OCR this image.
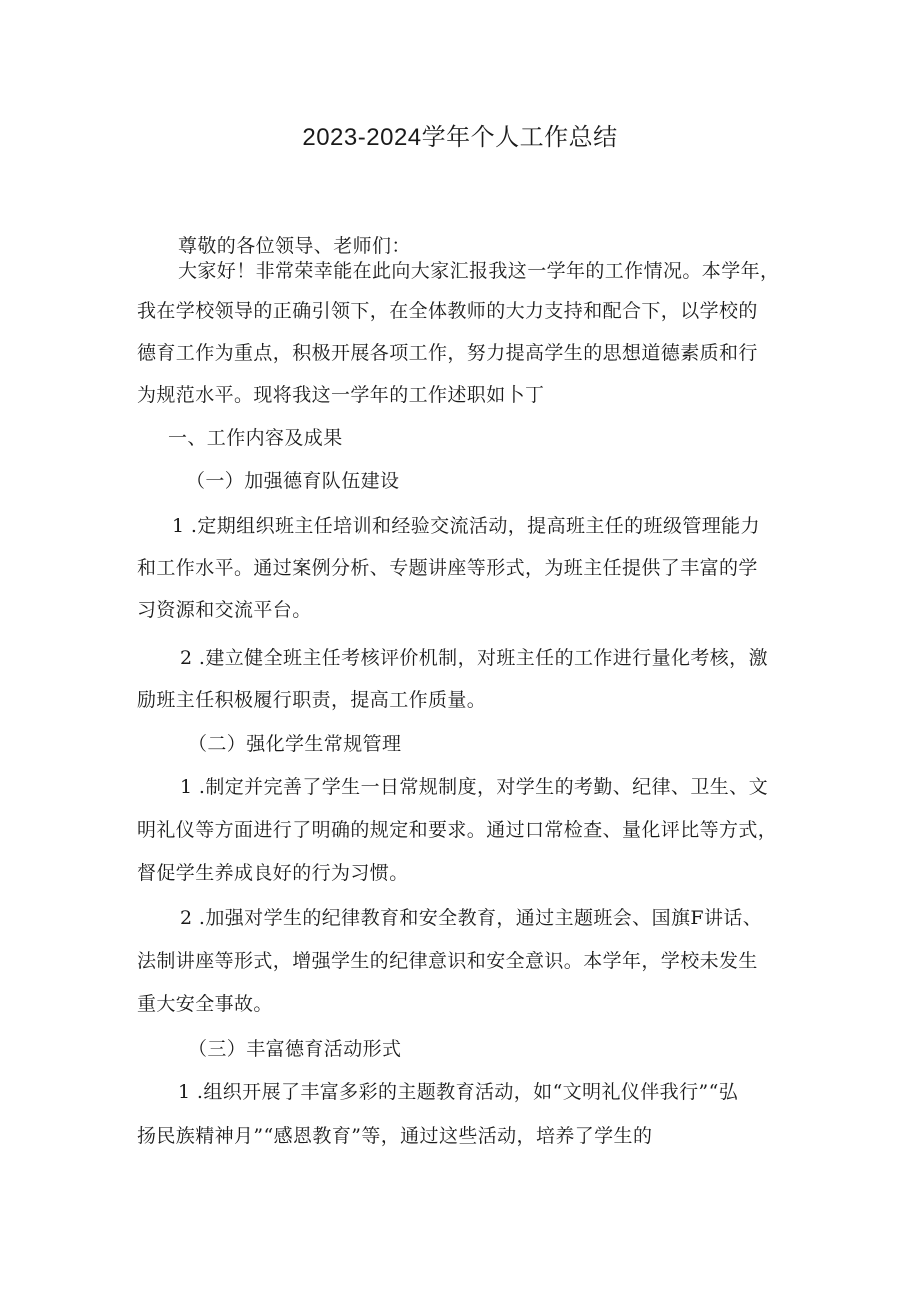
2023-2024学年个人工作总结
尊敬的各位领导、老师们：
大家好！非常荣幸能在此向大家汇报我这一学年的工作情况。本学年，
我在学校领导的正确引领下，在全体教师的大力支持和配合下，以学校的
德育工作为重点，积极开展各项工作，努力提高学生的思想道德素质和行
为规范水平。现将我这一学年的工作述职如卜丁
一、工作内容及成果
（一）加强德育队伍建设
1 .定期组织班主任培训和经验交流活动，提高班主任的班级管理能力
和工作水平。通过案例分析、专题讲座等形式，为班主任提供了丰富的学
习资源和交流平台。
2 .建立健全班主任考核评价机制，对班主任的工作进行量化考核，激
励班主任积极履行职责，提高工作质量。
（二）强化学生常规管理
1 .制定并完善了学生一日常规制度，对学生的考勤、纪律、卫生、文
明礼仪等方面进行了明确的规定和要求。通过口常检查、量化评比等方式，
督促学生养成良好的行为习惯。
2 .加强对学生的纪律教育和安全教育，通过主题班会、国旗F讲话、
法制讲座等形式，增强学生的纪律意识和安全意识。本学年，学校未发生
重大安全事故。
（三）丰富德育活动形式
1 .组织开展了丰富多彩的主题教育活动，如“文明礼仪伴我行”“弘
扬民族精神月”“感恩教育”等，通过这些活动，培养了学生的
